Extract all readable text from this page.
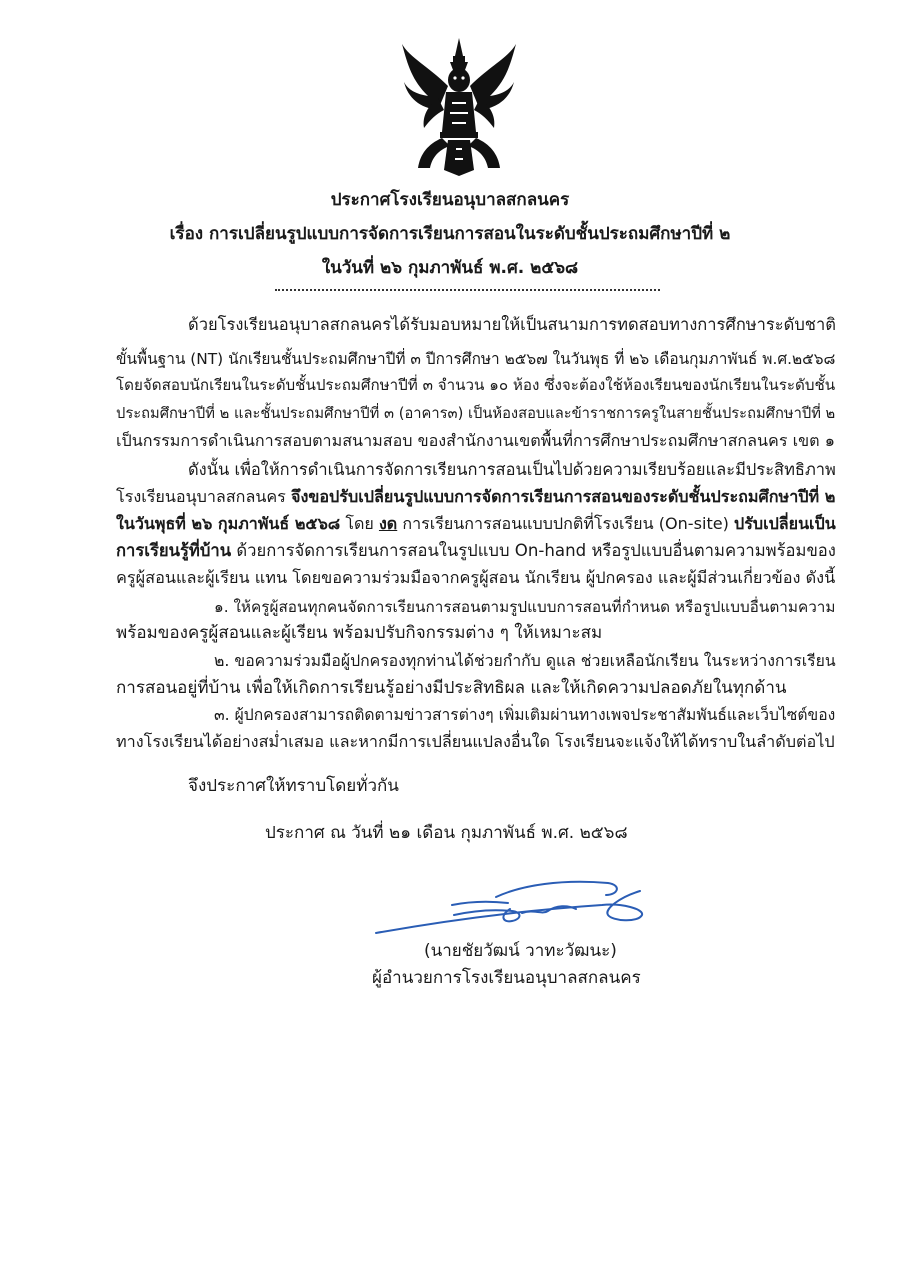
ประกาศโรงเรียนอนุบาลสกลนคร
เรื่อง การเปลี่ยนรูปแบบการจัดการเรียนการสอนในระดับชั้นประถมศึกษาปีที่ ๒
ในวันที่ ๒๖ กุมภาพันธ์ พ.ศ. ๒๕๖๘
ด้วยโรงเรียนอนุบาลสกลนครได้รับมอบหมายให้เป็นสนามการทดสอบทางการศึกษาระดับชาติ
ขั้นพื้นฐาน (NT) นักเรียนชั้นประถมศึกษาปีที่ ๓ ปีการศึกษา ๒๕๖๗ ในวันพุธ ที่ ๒๖ เดือนกุมภาพันธ์ พ.ศ.๒๕๖๘
โดยจัดสอบนักเรียนในระดับชั้นประถมศึกษาปีที่ ๓ จำนวน ๑๐ ห้อง ซึ่งจะต้องใช้ห้องเรียนของนักเรียนในระดับชั้น
ประถมศึกษาปีที่ ๒ และชั้นประถมศึกษาปีที่ ๓ (อาคาร๓) เป็นห้องสอบและข้าราชการครูในสายชั้นประถมศึกษาปีที่ ๒
เป็นกรรมการดำเนินการสอบตามสนามสอบ ของสำนักงานเขตพื้นที่การศึกษาประถมศึกษาสกลนคร เขต ๑
ดังนั้น เพื่อให้การดำเนินการจัดการเรียนการสอนเป็นไปด้วยความเรียบร้อยและมีประสิทธิภาพ
โรงเรียนอนุบาลสกลนคร จึงขอปรับเปลี่ยนรูปแบบการจัดการเรียนการสอนของระดับชั้นประถมศึกษาปีที่ ๒
ในวันพุธที่ ๒๖ กุมภาพันธ์ ๒๕๖๘ โดย งด การเรียนการสอนแบบปกติที่โรงเรียน (On-site) ปรับเปลี่ยนเป็น
การเรียนรู้ที่บ้าน ด้วยการจัดการเรียนการสอนในรูปแบบ On-hand หรือรูปแบบอื่นตามความพร้อมของ
ครูผู้สอนและผู้เรียน แทน โดยขอความร่วมมือจากครูผู้สอน นักเรียน ผู้ปกครอง และผู้มีส่วนเกี่ยวข้อง ดังนี้
๑. ให้ครูผู้สอนทุกคนจัดการเรียนการสอนตามรูปแบบการสอนที่กำหนด หรือรูปแบบอื่นตามความ
พร้อมของครูผู้สอนและผู้เรียน พร้อมปรับกิจกรรมต่าง ๆ ให้เหมาะสม
๒. ขอความร่วมมือผู้ปกครองทุกท่านได้ช่วยกำกับ ดูแล ช่วยเหลือนักเรียน ในระหว่างการเรียน
การสอนอยู่ที่บ้าน เพื่อให้เกิดการเรียนรู้อย่างมีประสิทธิผล และให้เกิดความปลอดภัยในทุกด้าน
๓. ผู้ปกครองสามารถติดตามข่าวสารต่างๆ เพิ่มเติมผ่านทางเพจประชาสัมพันธ์และเว็บไซต์ของ
ทางโรงเรียนได้อย่างสม่ำเสมอ และหากมีการเปลี่ยนแปลงอื่นใด โรงเรียนจะแจ้งให้ได้ทราบในลำดับต่อไป
จึงประกาศให้ทราบโดยทั่วกัน
ประกาศ ณ วันที่ ๒๑ เดือน กุมภาพันธ์ พ.ศ. ๒๕๖๘
(นายชัยวัฒน์ วาทะวัฒนะ)
ผู้อำนวยการโรงเรียนอนุบาลสกลนคร
